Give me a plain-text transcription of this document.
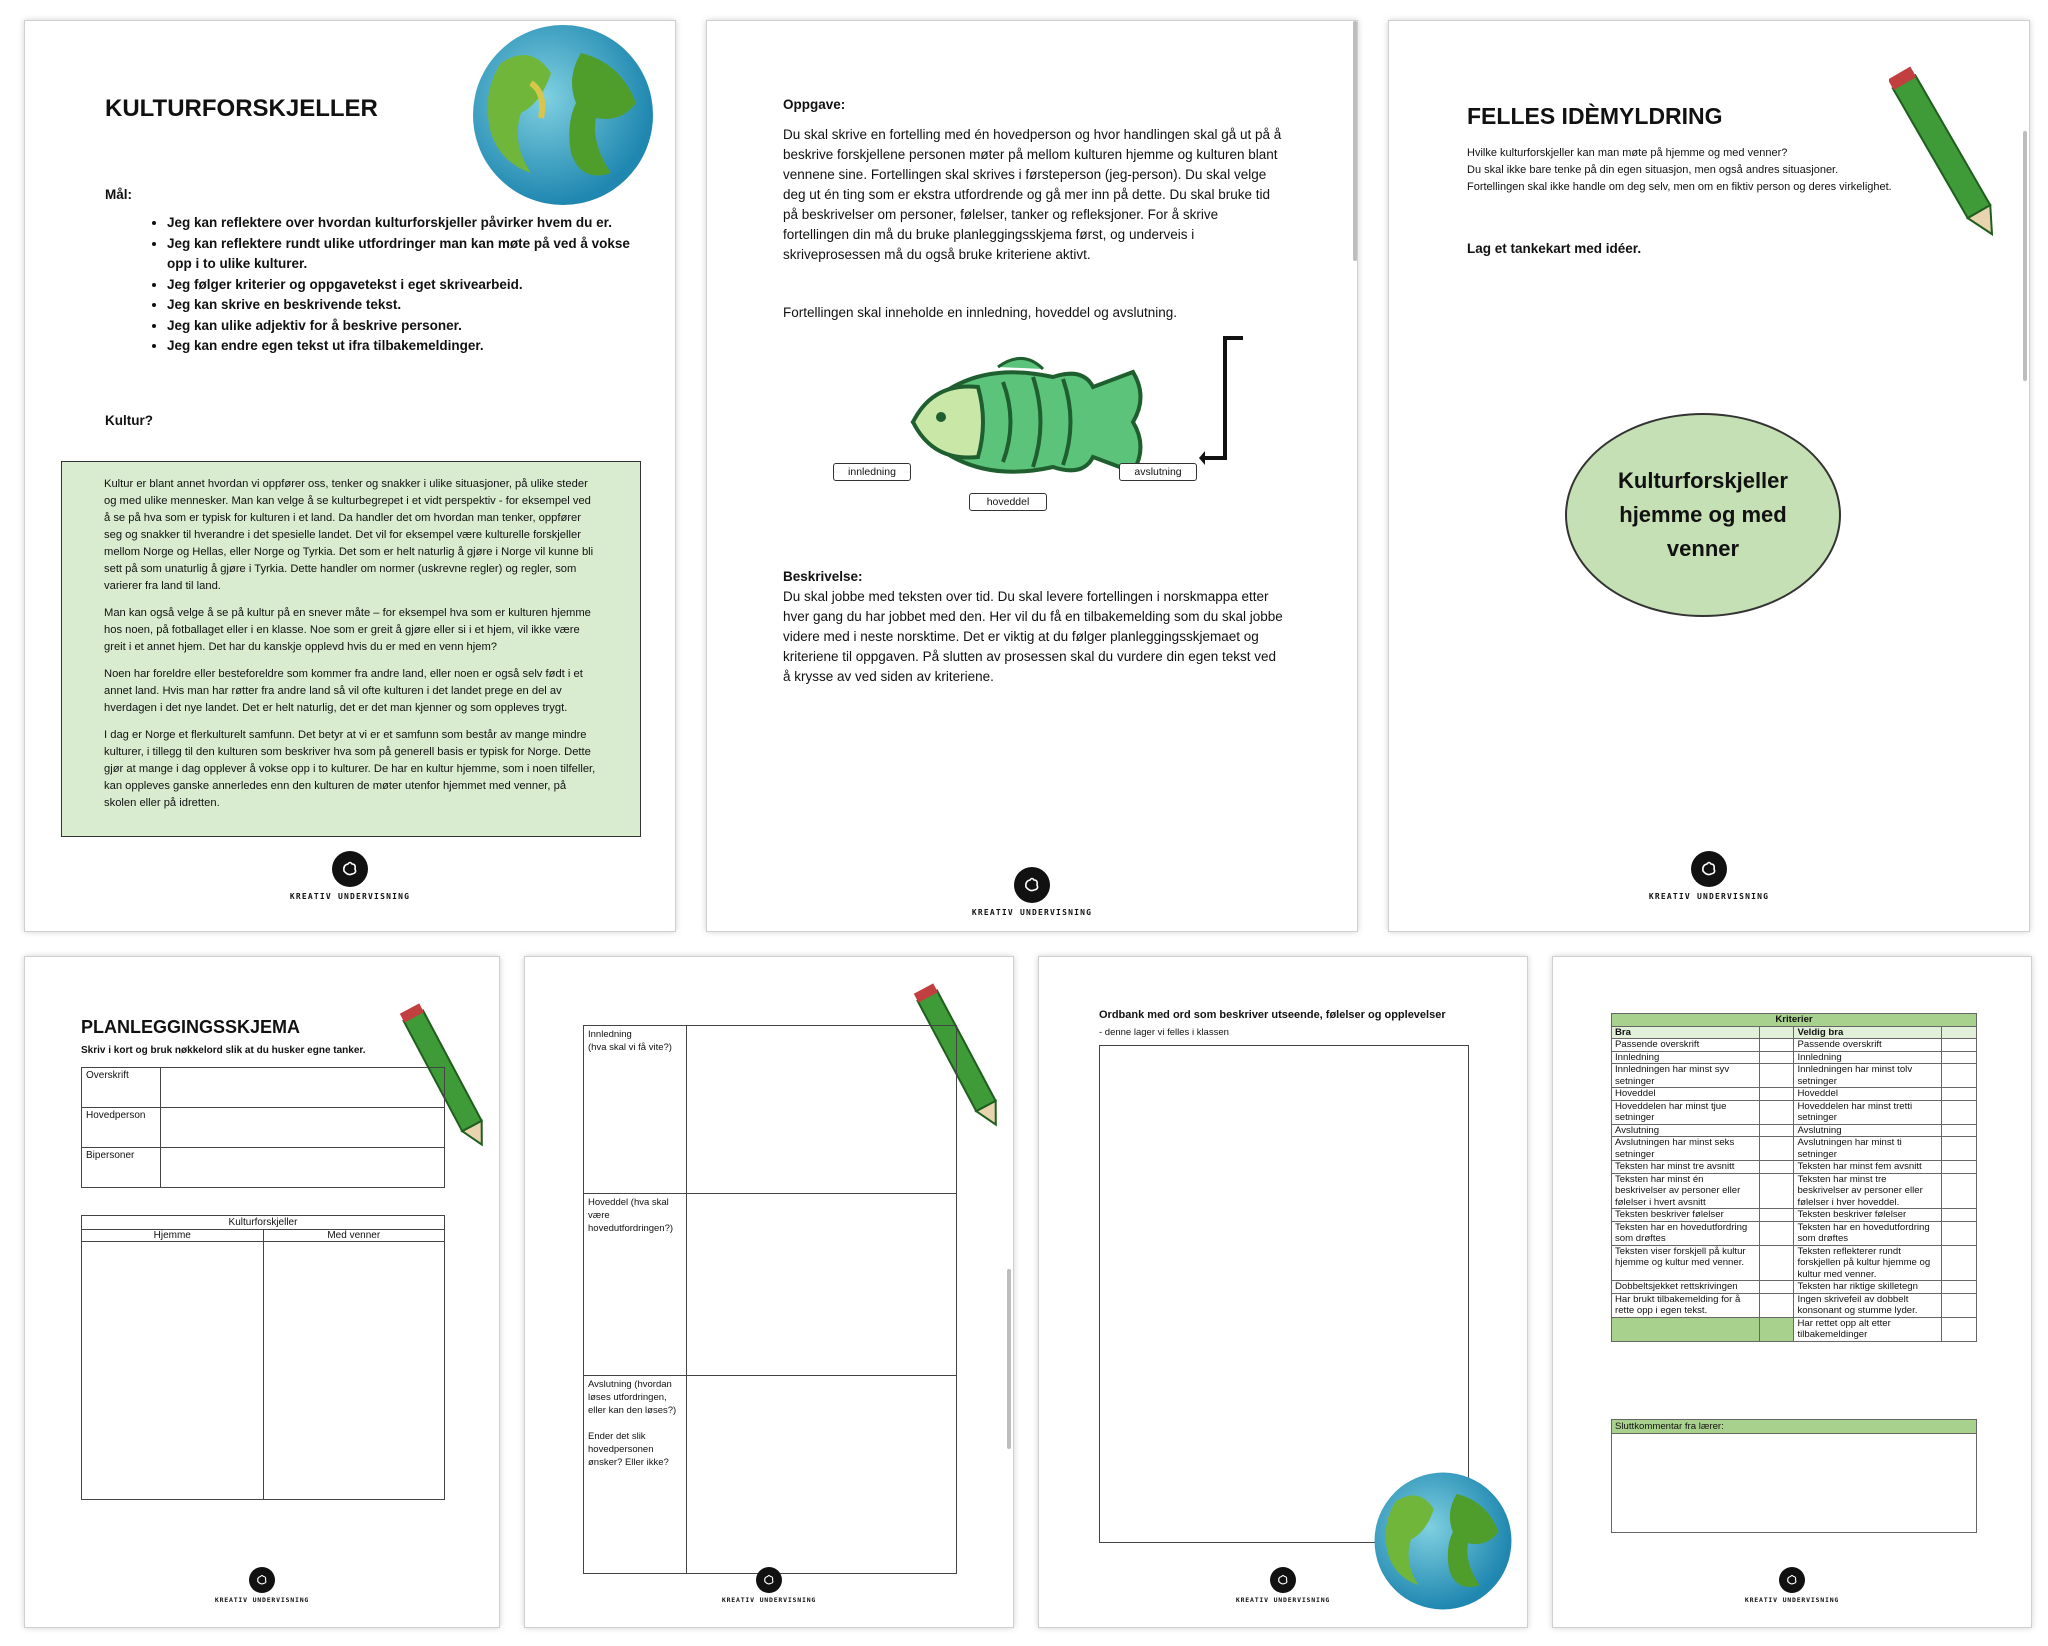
KULTURFORSKJELLER
Mål:
• Jeg kan reflektere over hvordan kulturforskjeller påvirker hvem du er.
• Jeg kan reflektere rundt ulike utfordringer man kan møte på ved å vokse opp i to ulike kulturer.
• Jeg følger kriterier og oppgavetekst i eget skrivearbeid.
• Jeg kan skrive en beskrivende tekst.
• Jeg kan ulike adjektiv for å beskrive personer.
• Jeg kan endre egen tekst ut ifra tilbakemeldinger.
Kultur?

Kultur er blant annet hvordan vi oppfører oss, tenker og snakker i ulike situasjoner, på ulike steder og med ulike mennesker. Man kan velge å se kulturbegrepet i et vidt perspektiv - for eksempel ved å se på hva som er typisk for kulturen i et land. Da handler det om hvordan man tenker, oppfører seg og snakker til hverandre i det spesielle landet. Det vil for eksempel være kulturelle forskjeller mellom Norge og Hellas, eller Norge og Tyrkia. Det som er helt naturlig å gjøre i Norge vil kunne bli sett på som unaturlig å gjøre i Tyrkia. Dette handler om normer (uskrevne regler) og regler, som varierer fra land til land.

Man kan også velge å se på kultur på en snever måte – for eksempel hva som er kulturen hjemme hos noen, på fotballaget eller i en klasse. Noe som er greit å gjøre eller si i et hjem, vil ikke være greit i et annet hjem. Det har du kanskje opplevd hvis du er med en venn hjem?

Noen har foreldre eller besteforeldre som kommer fra andre land, eller noen er også selv født i et annet land. Hvis man har røtter fra andre land så vil ofte kulturen i det landet prege en del av hverdagen i det nye landet. Det er helt naturlig, det er det man kjenner og som oppleves trygt.

I dag er Norge et flerkulturelt samfunn. Det betyr at vi er et samfunn som består av mange mindre kulturer, i tillegg til den kulturen som beskriver hva som på generell basis er typisk for Norge. Dette gjør at mange i dag opplever å vokse opp i to kulturer. De har en kultur hjemme, som i noen tilfeller, kan oppleves ganske annerledes enn den kulturen de møter utenfor hjemmet med venner, på skolen eller på idretten.

KREATIV UNDERVISNING
Oppgave:
Du skal skrive en fortelling med én hovedperson og hvor handlingen skal gå ut på å beskrive forskjellene personen møter på mellom kulturen hjemme og kulturen blant vennene sine. Fortellingen skal skrives i førsteperson (jeg-person). Du skal velge deg ut én ting som er ekstra utfordrende og gå mer inn på dette. Du skal bruke tid på beskrivelser om personer, følelser, tanker og refleksjoner. For å skrive fortellingen din må du bruke planleggingsskjema først, og underveis i skriveprosessen må du også bruke kriteriene aktivt.
Fortellingen skal inneholde en innledning, hoveddel og avslutning.
innledning
hoveddel
avslutning
Beskrivelse:
Du skal jobbe med teksten over tid. Du skal levere fortellingen i norskmappa etter hver gang du har jobbet med den. Her vil du få en tilbakemelding som du skal jobbe videre med i neste norsktime. Det er viktig at du følger planleggingsskjemaet og kriteriene til oppgaven. På slutten av prosessen skal du vurdere din egen tekst ved å krysse av ved siden av kriteriene.
KREATIV UNDERVISNING
FELLES IDÈMYLDRING
Hvilke kulturforskjeller kan man møte på hjemme og med venner?
Du skal ikke bare tenke på din egen situasjon, men også andres situasjoner.
Fortellingen skal ikke handle om deg selv, men om en fiktiv person og deres virkelighet.
Lag et tankekart med idéer.
Kulturforskjeller hjemme og med venner
KREATIV UNDERVISNING
PLANLEGGINGSSKJEMA
Skriv i kort og bruk nøkkelord slik at du husker egne tanker.
Overskrift	
Hovedperson	
Bipersoner	
Kulturforskjeller	
Hjemme	Med venner

KREATIV UNDERVISNING
Innledning
(hva skal vi få vite?)	
Hoveddel (hva skal være hovedutfordringen?)	
Avslutning (hvordan løses utfordringen, eller kan den løses?)

Ender det slik hovedpersonen ønsker? Eller ikke?	
KREATIV UNDERVISNING
Ordbank med ord som beskriver utseende, følelser og opplevelser
- denne lager vi felles i klassen
KREATIV UNDERVISNING
Kriterier			
Bra		Veldig bra	
Passende overskrift		Passende overskrift	
Innledning		Innledning	
Innledningen har minst syv setninger		Innledningen har minst tolv setninger	
Hoveddel		Hoveddel	
Hoveddelen har minst tjue setninger		Hoveddelen har minst tretti setninger	
Avslutning		Avslutning	
Avslutningen har minst seks setninger		Avslutningen har minst ti setninger	
Teksten har minst tre avsnitt		Teksten har minst fem avsnitt	
Teksten har minst én beskrivelser av personer eller følelser i hvert avsnitt		Teksten har minst tre beskrivelser av personer eller følelser i hver hoveddel.	
Teksten beskriver følelser		Teksten beskriver følelser	
Teksten har en hovedutfordring som drøftes		Teksten har en hovedutfordring som drøftes	
Teksten viser forskjell på kultur hjemme og kultur med venner.		Teksten reflekterer rundt forskjellen på kultur hjemme og kultur med venner.	
Dobbeltsjekket rettskrivingen		Teksten har riktige skilletegn	
Har brukt tilbakemelding for å rette opp i egen tekst.		Ingen skrivefeil av dobbelt konsonant og stumme lyder.	
		Har rettet opp alt etter tilbakemeldinger	
Sluttkommentar fra lærer:
KREATIV UNDERVISNING
